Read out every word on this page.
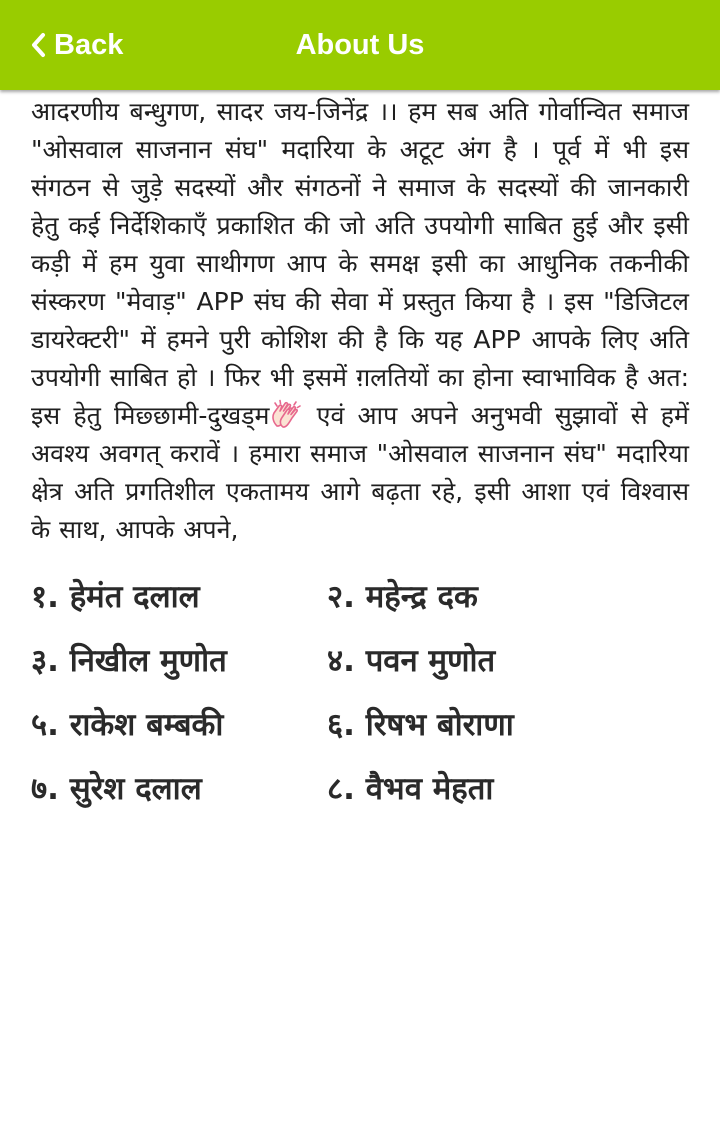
Back	About Us

आदरणीय बन्धुगण, सादर जय-जिनेंद्र ।। हम सब अति गोर्वान्वित समाज "ओसवाल साजनान संघ" मदारिया के अटूट अंग है । पूर्व में भी इस संगठन से जुड़े सदस्यों और संगठनों ने समाज के सदस्यों की जानकारी हेतु कई निर्देशिकाएँ प्रकाशित की जो अति उपयोगी साबित हुई और इसी कड़ी में हम युवा साथीगण आप के समक्ष इसी का आधुनिक तकनीकी संस्करण "मेवाड़" APP संघ की सेवा में प्रस्तुत किया है । इस "डिजिटल डायरेक्टरी" में हमने पुरी कोशिश की है कि यह APP आपके लिए अति उपयोगी साबित हो । फिर भी इसमें ग़लतियों का होना स्वाभाविक है अत: इस हेतु मिछ्छामी-दुखड्म एवं आप अपने अनुभवी सुझावों से हमें अवश्य अवगत् करावें । हमारा समाज "ओसवाल साजनान संघ" मदारिया क्षेत्र अति प्रगतिशील एकतामय आगे बढ़ता रहे, इसी आशा एवं विश्वास के साथ, आपके अपने,

१. हेमंत दलाल	२. महेन्द्र दक
३. निखील मुणोत	४. पवन मुणोत
५. राकेश बम्बकी	६. रिषभ बोराणा
७. सुरेश दलाल	८. वैभव मेहता
